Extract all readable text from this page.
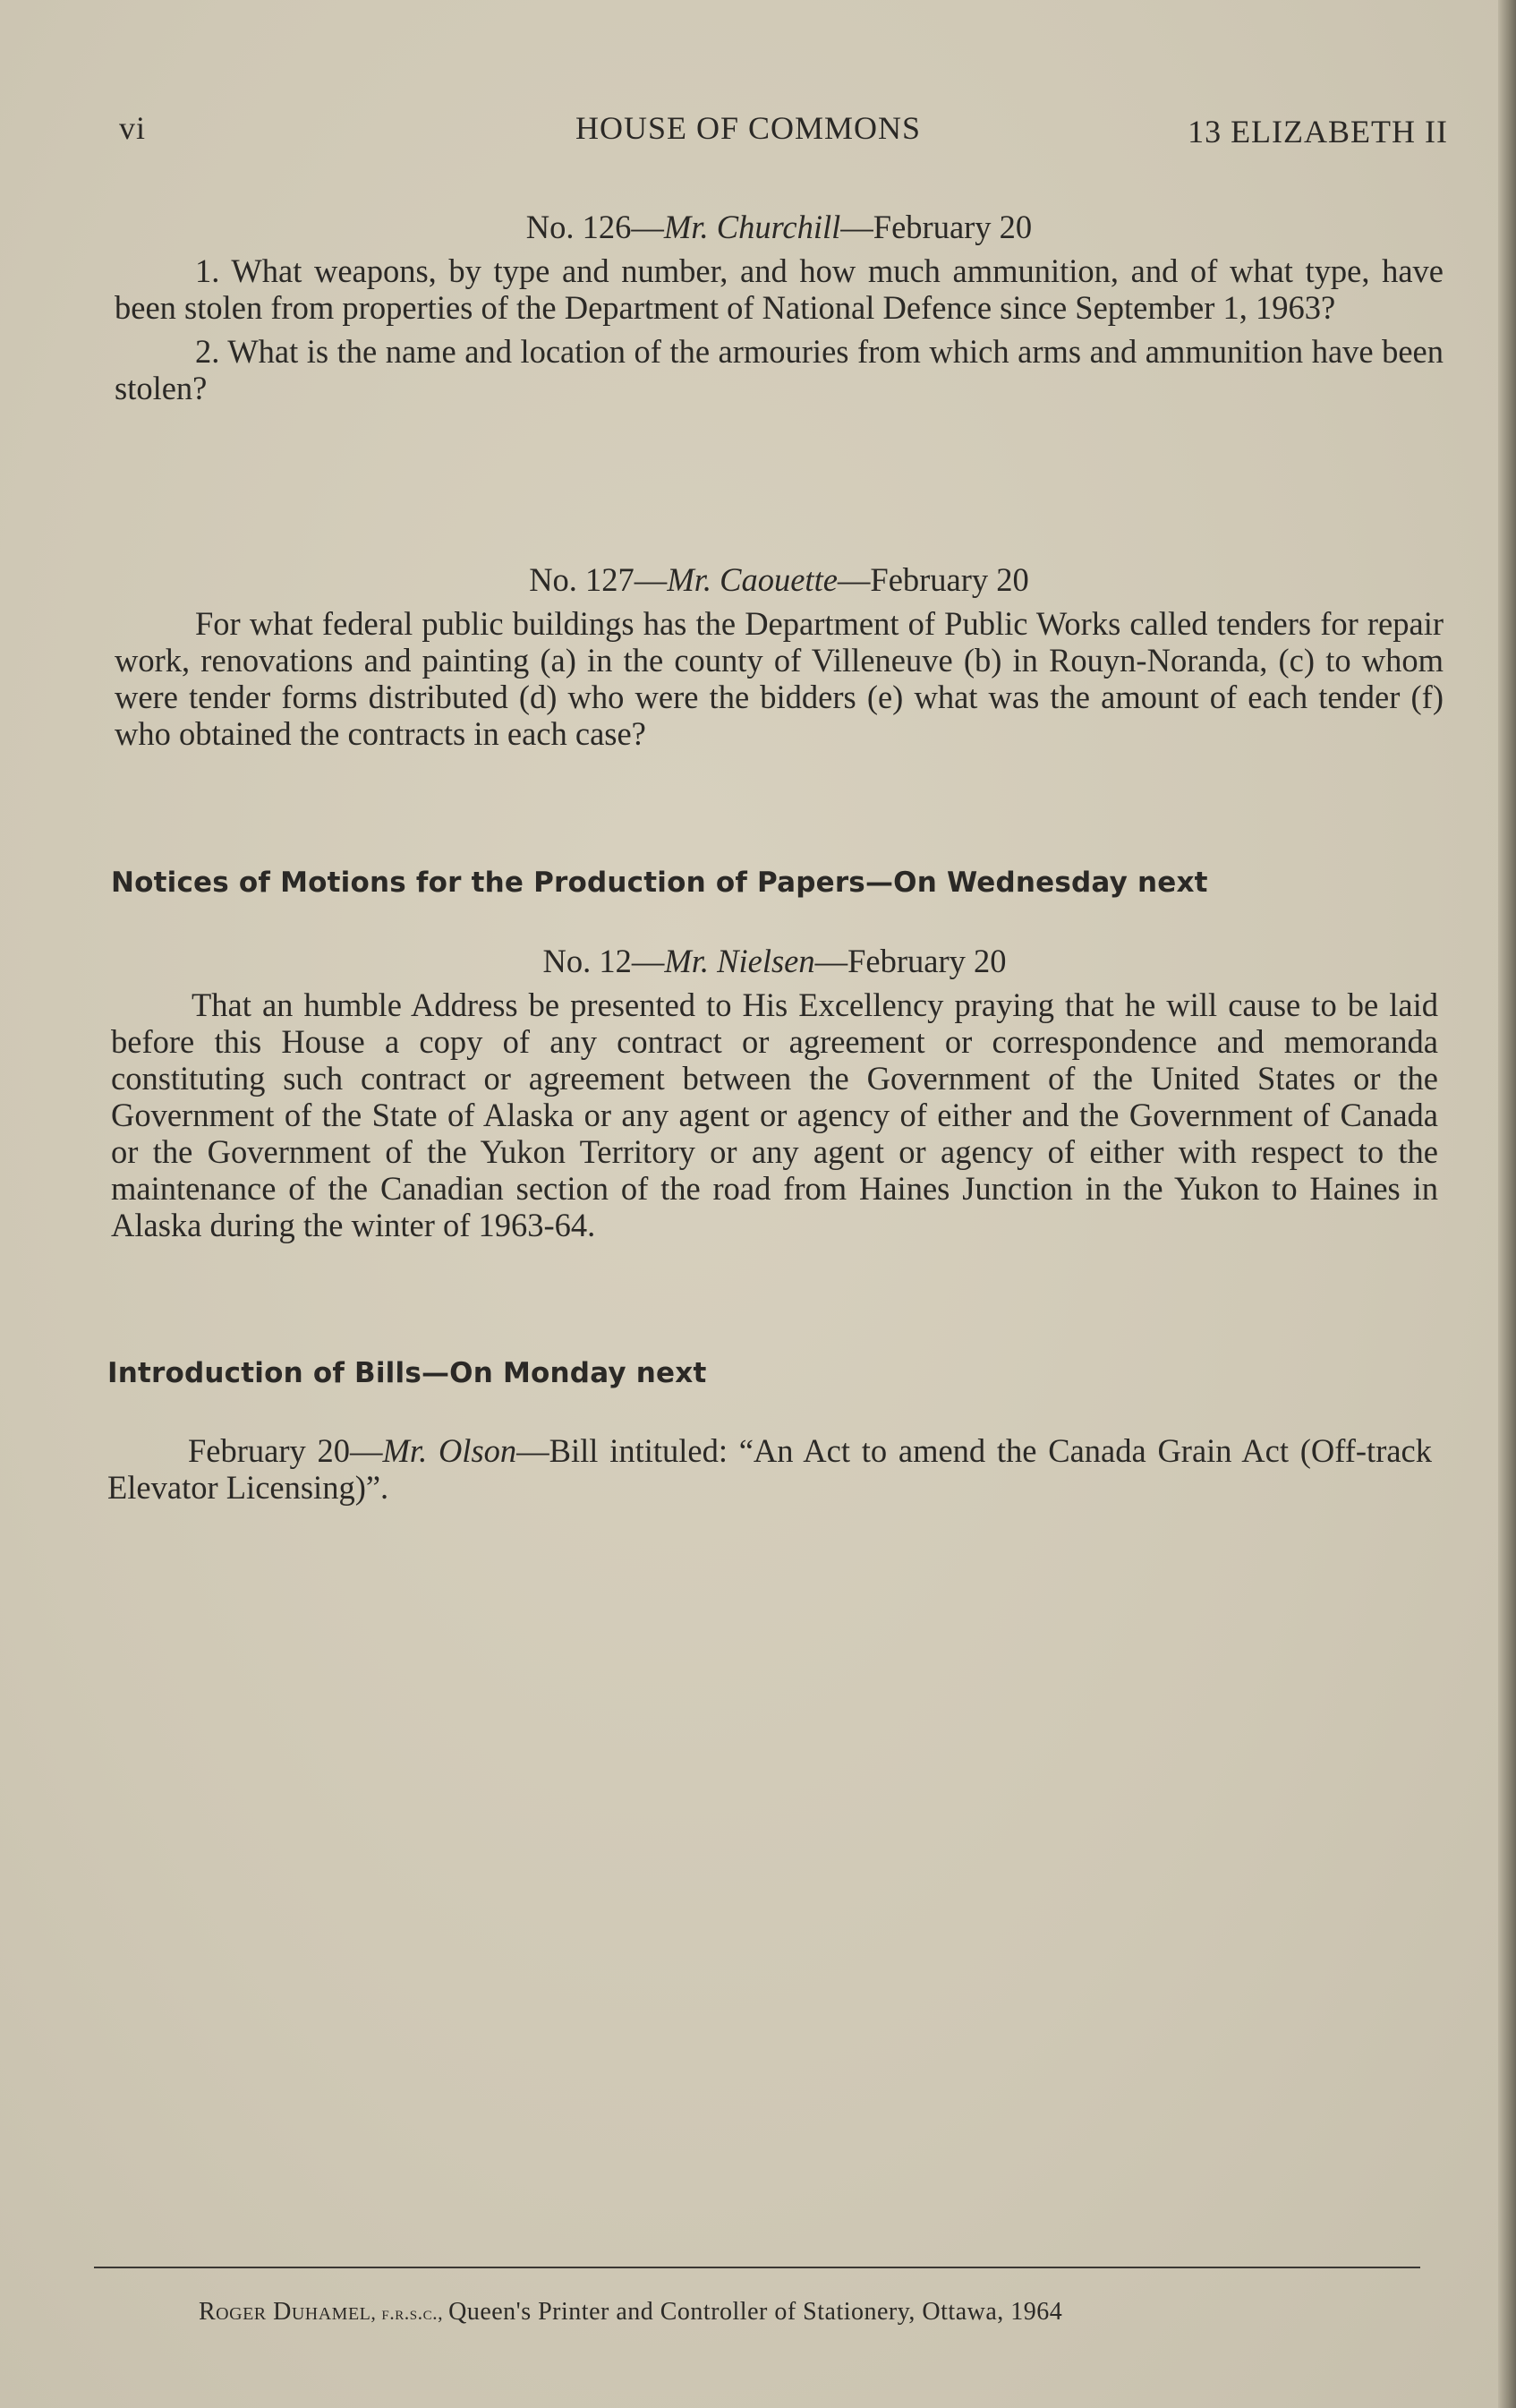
vi	HOUSE OF COMMONS	13 ELIZABETH II

No. 126—Mr. Churchill—February 20

1. What weapons, by type and number, and how much ammunition, and of what type, have been stolen from properties of the Department of National Defence since September 1, 1963?

2. What is the name and location of the armouries from which arms and ammunition have been stolen?

No. 127—Mr. Caouette—February 20

For what federal public buildings has the Department of Public Works called tenders for repair work, renovations and painting (a) in the county of Villeneuve (b) in Rouyn-Noranda, (c) to whom were tender forms distributed (d) who were the bidders (e) what was the amount of each tender (f) who obtained the contracts in each case?

Notices of Motions for the Production of Papers—On Wednesday next

No. 12—Mr. Nielsen—February 20

That an humble Address be presented to His Excellency praying that he will cause to be laid before this House a copy of any contract or agreement or correspondence and memoranda constituting such contract or agreement between the Government of the United States or the Government of the State of Alaska or any agent or agency of either and the Government of Canada or the Government of the Yukon Territory or any agent or agency of either with respect to the maintenance of the Canadian section of the road from Haines Junction in the Yukon to Haines in Alaska during the winter of 1963-64.

Introduction of Bills—On Monday next

February 20—Mr. Olson—Bill intituled: “An Act to amend the Canada Grain Act (Off-track Elevator Licensing)”.

Roger Duhamel, f.r.s.c., Queen's Printer and Controller of Stationery, Ottawa, 1964
